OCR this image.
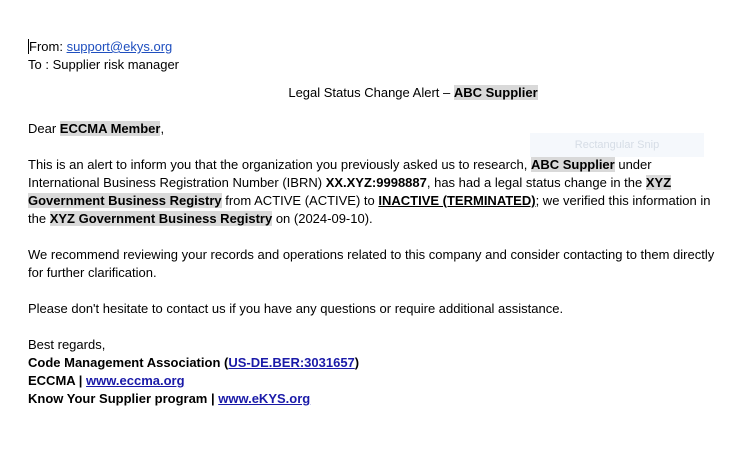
Rectangular Snip
From: support@ekys.org
To : Supplier risk manager
Legal Status Change Alert – ABC Supplier
Dear ECCMA Member,
This is an alert to inform you that the organization you previously asked us to research, ABC Supplier under International Business Registration Number (IBRN) XX.XYZ:9998887, has had a legal status change in the XYZ Government Business Registry from ACTIVE (ACTIVE) to INACTIVE (TERMINATED); we verified this information in the XYZ Government Business Registry on (2024-09-10).
We recommend reviewing your records and operations related to this company and consider contacting to them directly for further clarification.
Please don't hesitate to contact us if you have any questions or require additional assistance.
Best regards,
Code Management Association (US-DE.BER:3031657)
ECCMA | www.eccma.org
Know Your Supplier program | www.eKYS.org
